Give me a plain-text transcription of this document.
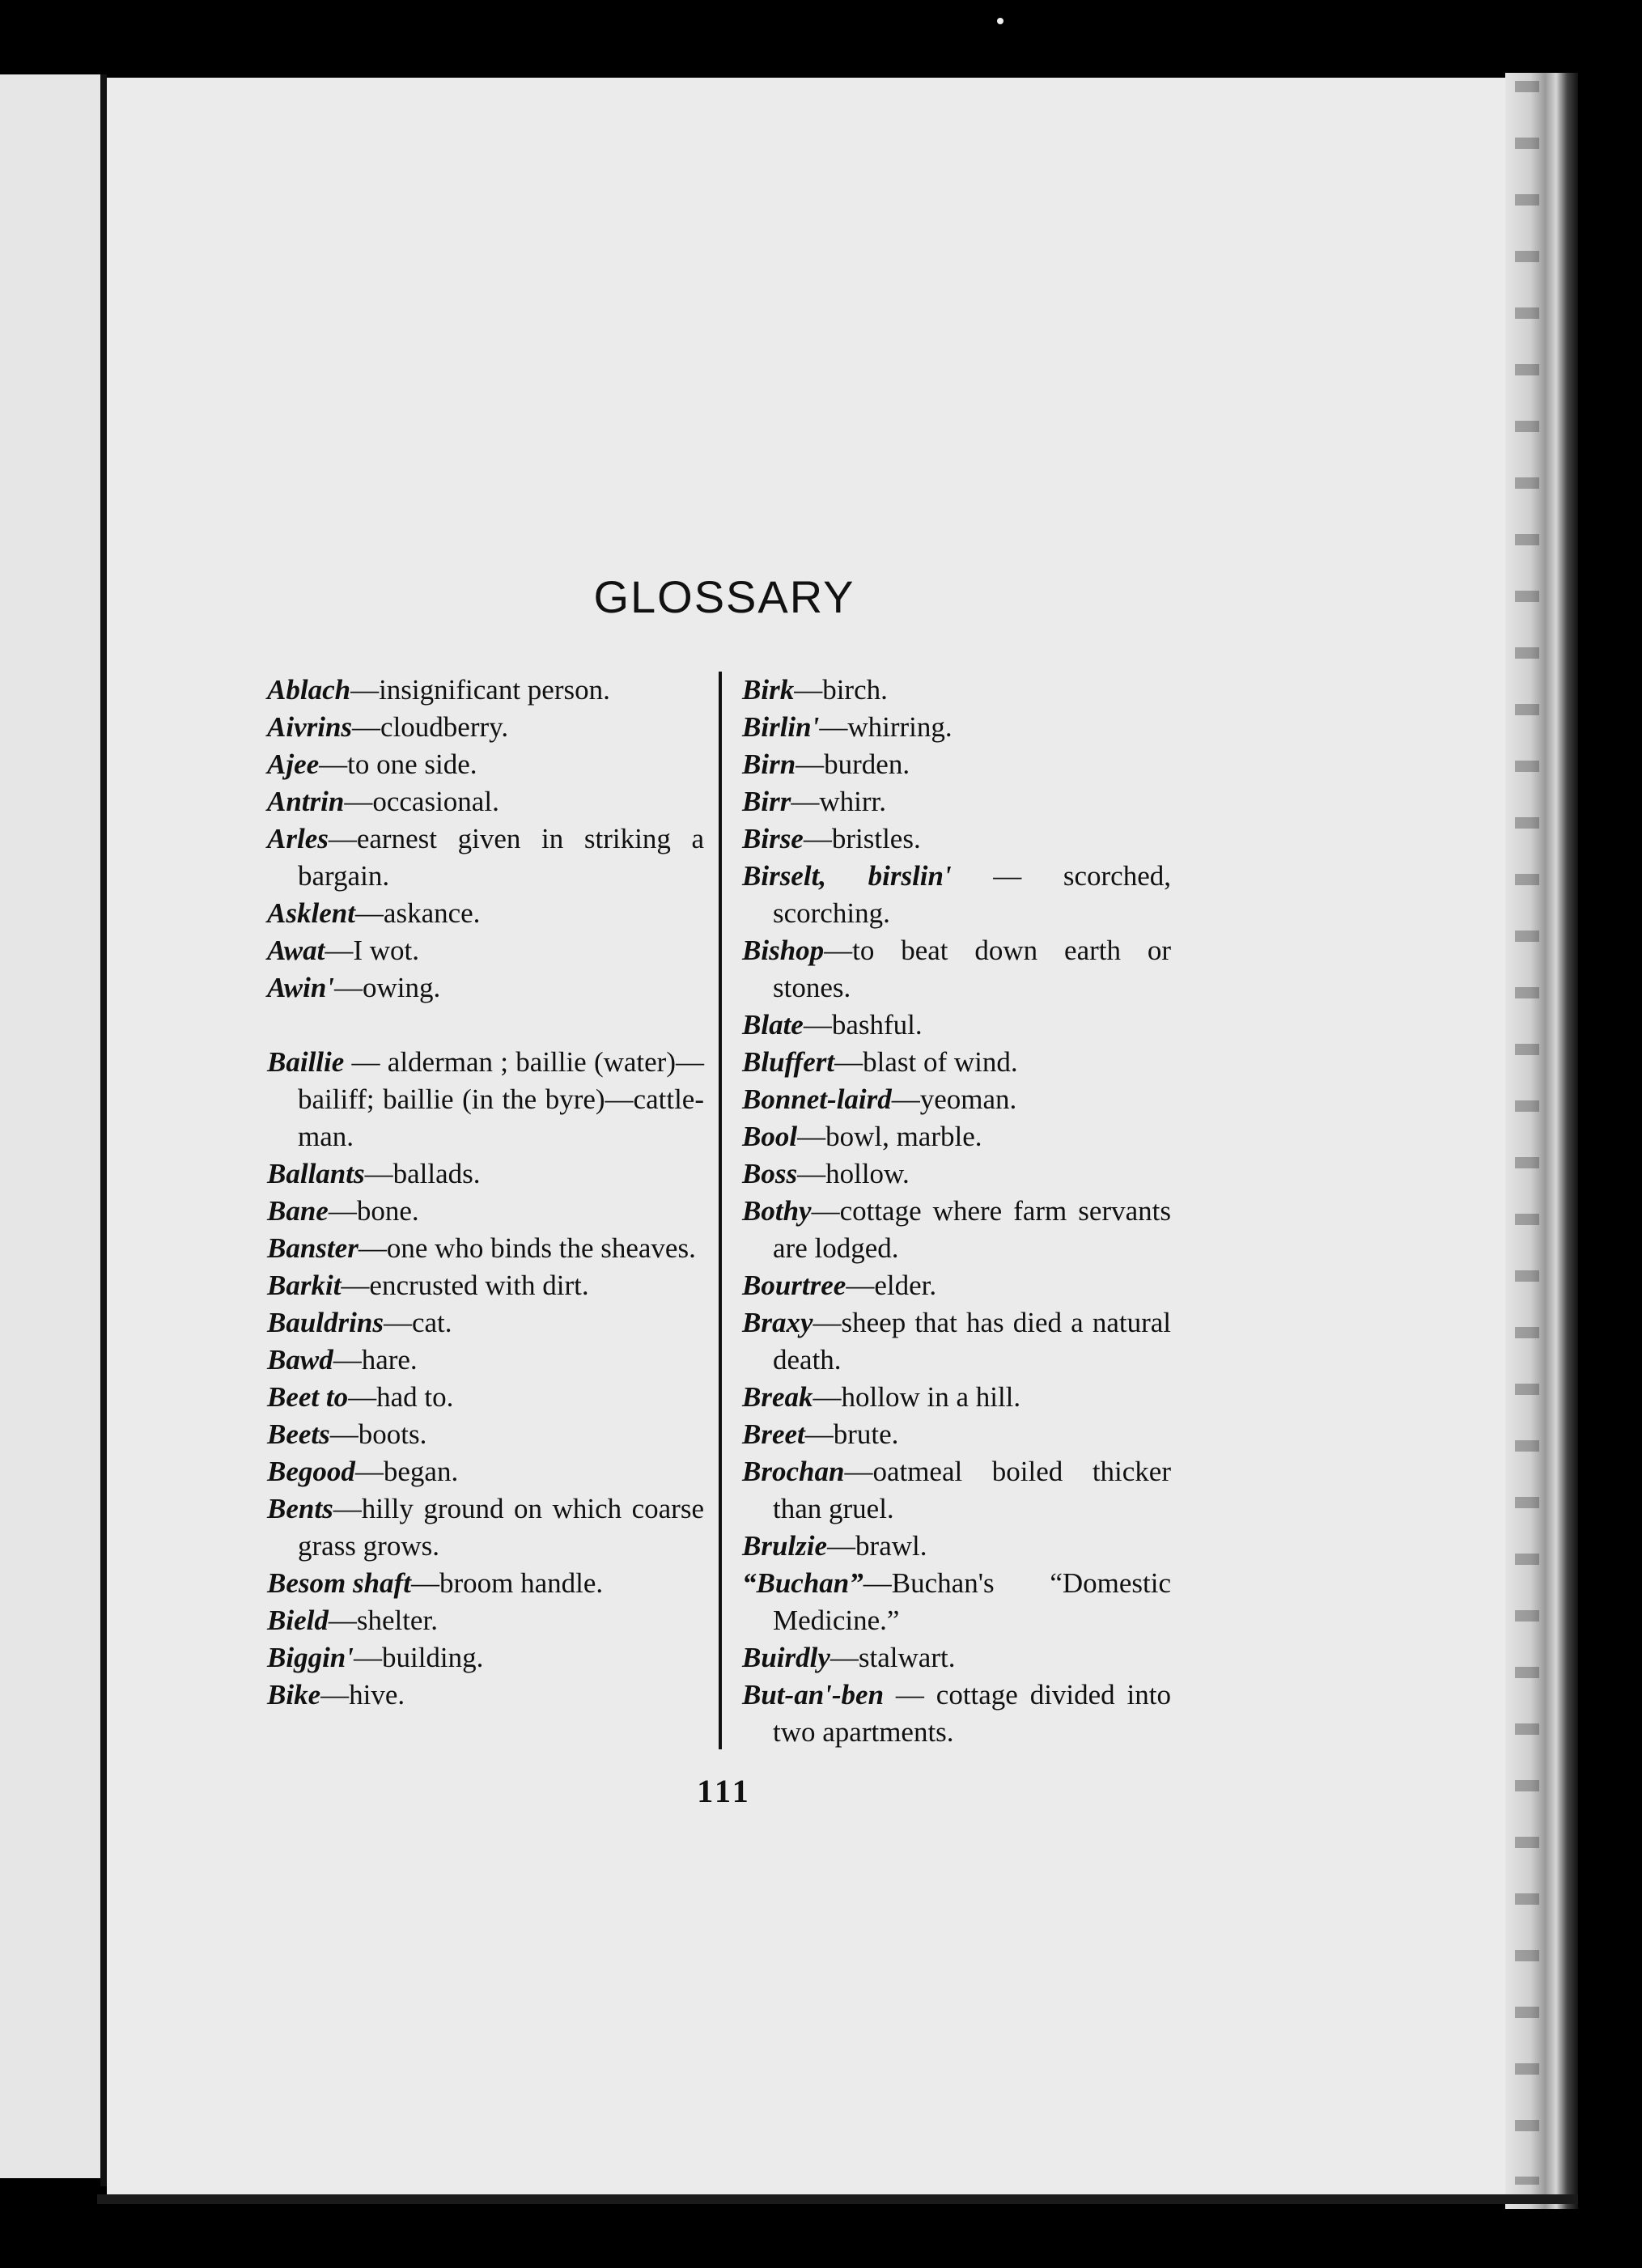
GLOSSARY

Ablach—insignificant person.

Aivrins—cloudberry.

Ajee—to one side.

Antrin—occasional.

Arles—earnest given in striking a bargain.

Asklent—askance.

Awat—I wot.

Awin'—owing.

Baillie — alderman ; baillie (water)—bailiff; baillie (in the byre)—cattle-man.

Ballants—ballads.

Bane—bone.

Banster—one who binds the sheaves.

Barkit—encrusted with dirt.

Bauldrins—cat.

Bawd—hare.

Beet to—had to.

Beets—boots.

Begood—began.

Bents—hilly ground on which coarse grass grows.

Besom shaft—broom handle.

Bield—shelter.

Biggin'—building.

Bike—hive.

Birk—birch.

Birlin'—whirring.

Birn—burden.

Birr—whirr.

Birse—bristles.

Birselt, birslin' — scorched, scorching.

Bishop—to beat down earth or stones.

Blate—bashful.

Bluffert—blast of wind.

Bonnet-laird—yeoman.

Bool—bowl, marble.

Boss—hollow.

Bothy—cottage where farm servants are lodged.

Bourtree—elder.

Braxy—sheep that has died a natural death.

Break—hollow in a hill.

Breet—brute.

Brochan—oatmeal boiled thicker than gruel.

Brulzie—brawl.

“Buchan”—Buchan's “Domestic Medicine.”

Buirdly—stalwart.

But-an'-ben — cottage divided into two apartments.

111
